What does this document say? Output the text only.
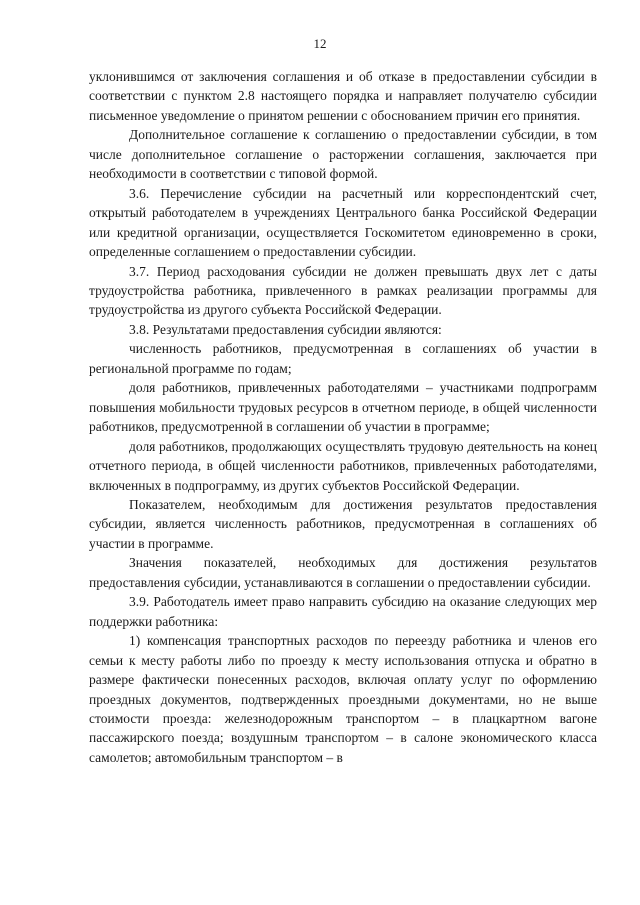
12

уклонившимся от заключения соглашения и об отказе в предоставлении субсидии в соответствии с пунктом 2.8 настоящего порядка и направляет получателю субсидии письменное уведомление о принятом решении с обоснованием причин его принятия.

Дополнительное соглашение к соглашению о предоставлении субсидии, в том числе дополнительное соглашение о расторжении соглашения, заключается при необходимости в соответствии с типовой формой.

3.6. Перечисление субсидии на расчетный или корреспондентский счет, открытый работодателем в учреждениях Центрального банка Российской Федерации или кредитной организации, осуществляется Госкомитетом единовременно в сроки, определенные соглашением о предоставлении субсидии.

3.7. Период расходования субсидии не должен превышать двух лет с даты трудоустройства работника, привлеченного в рамках реализации программы для трудоустройства из другого субъекта Российской Федерации.

3.8. Результатами предоставления субсидии являются:

численность работников, предусмотренная в соглашениях об участии в региональной программе по годам;

доля работников, привлеченных работодателями – участниками подпрограмм повышения мобильности трудовых ресурсов в отчетном периоде, в общей численности работников, предусмотренной в соглашении об участии в программе;

доля работников, продолжающих осуществлять трудовую деятельность на конец отчетного периода, в общей численности работников, привлеченных работодателями, включенных в подпрограмму, из других субъектов Российской Федерации.

Показателем, необходимым для достижения результатов предоставления субсидии, является численность работников, предусмотренная в соглашениях об участии в программе.

Значения показателей, необходимых для достижения результатов предоставления субсидии, устанавливаются в соглашении о предоставлении субсидии.

3.9. Работодатель имеет право направить субсидию на оказание следующих мер поддержки работника:

1) компенсация транспортных расходов по переезду работника и членов его семьи к месту работы либо по проезду к месту использования отпуска и обратно в размере фактически понесенных расходов, включая оплату услуг по оформлению проездных документов, подтвержденных проездными документами, но не выше стоимости проезда: железнодорожным транспортом – в плацкартном вагоне пассажирского поезда; воздушным транспортом – в салоне экономического класса самолетов; автомобильным транспортом – в
